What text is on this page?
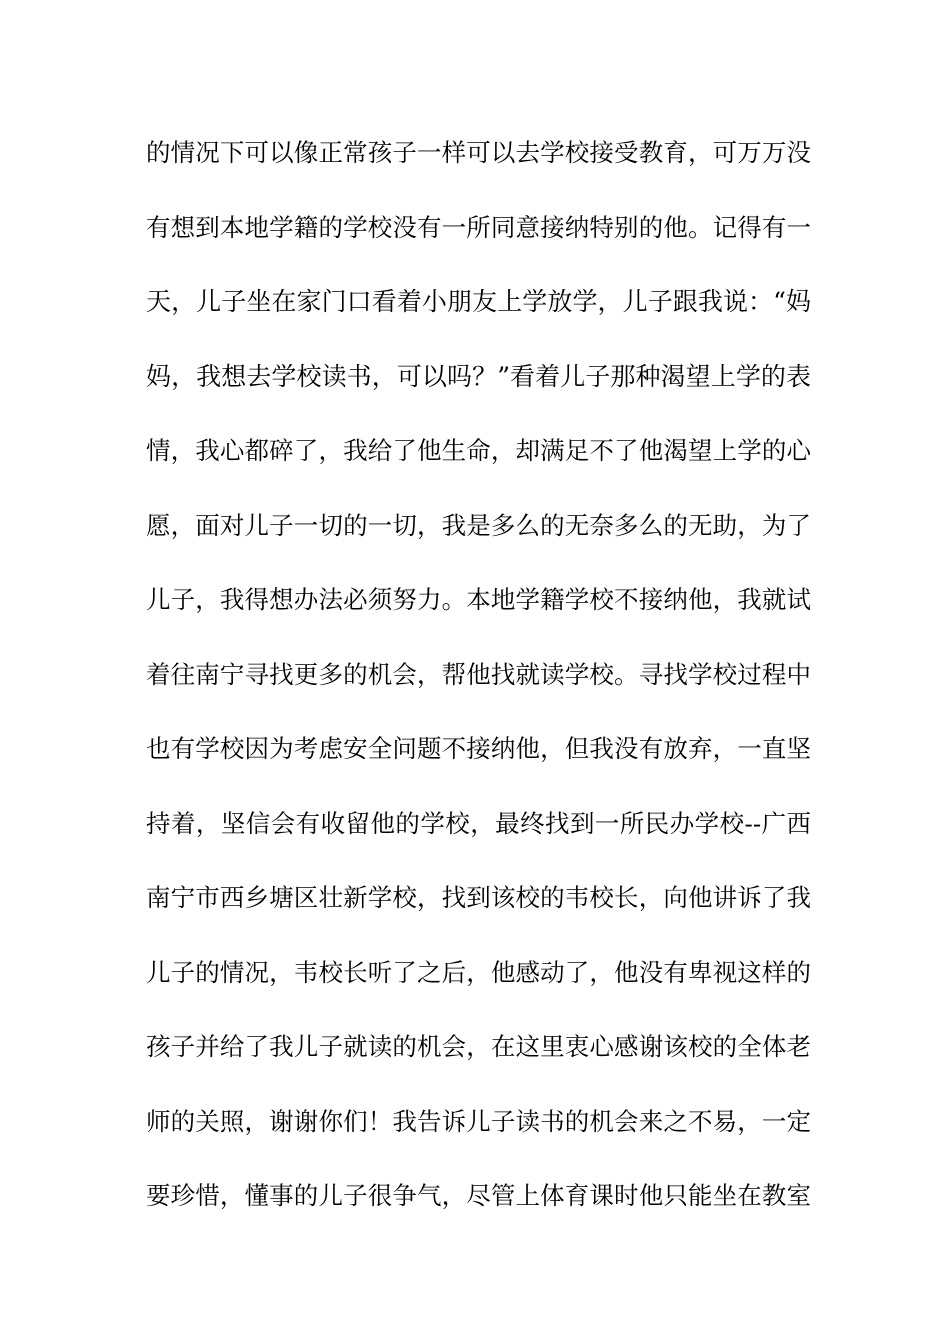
的情况下可以像正常孩子一样可以去学校接受教育，可万万没
有想到本地学籍的学校没有一所同意接纳特别的他。记得有一
天，儿子坐在家门口看着小朋友上学放学，儿子跟我说：“妈
妈，我想去学校读书，可以吗？”看着儿子那种渴望上学的表
情，我心都碎了，我给了他生命，却满足不了他渴望上学的心
愿，面对儿子一切的一切，我是多么的无奈多么的无助，为了
儿子，我得想办法必须努力。本地学籍学校不接纳他，我就试
着往南宁寻找更多的机会，帮他找就读学校。寻找学校过程中
也有学校因为考虑安全问题不接纳他，但我没有放弃，一直坚
持着，坚信会有收留他的学校，最终找到一所民办学校--广西
南宁市西乡塘区壮新学校，找到该校的韦校长，向他讲诉了我
儿子的情况，韦校长听了之后，他感动了，他没有卑视这样的
孩子并给了我儿子就读的机会，在这里衷心感谢该校的全体老
师的关照，谢谢你们！我告诉儿子读书的机会来之不易，一定
要珍惜，懂事的儿子很争气，尽管上体育课时他只能坐在教室
